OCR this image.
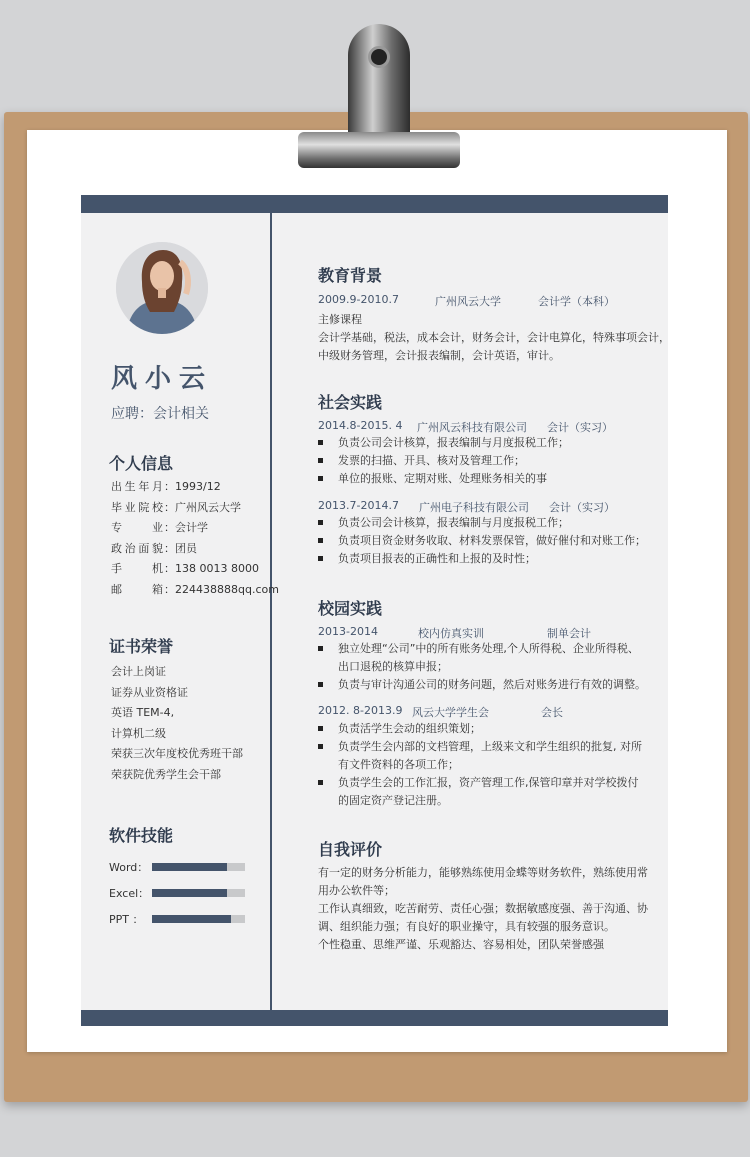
风小云
应聘：会计相关
个人信息
出生年月 ： 1993/12
毕业院校 ： 广州风云大学
专业 ： 会计学
政治面貌 ： 团员
手机 ： 138 0013 8000
邮箱 ： 224438888qq.com
证书荣誉
会计上岗证
证券从业资格证
英语 TEM-4,
计算机二级
荣获三次年度校优秀班干部
荣获院优秀学生会干部
软件技能
Word：
Excel：
PPT ：
教育背景
2009.9-2010.7	广州风云大学	会计学（本科）
主修课程
会计学基础，税法，成本会计，财务会计，会计电算化，特殊事项会计，
中级财务管理，会计报表编制，会计英语，审计。
社会实践
2014.8-2015. 4 广州风云科技有限公司 会计（实习）
负责公司会计核算，报表编制与月度报税工作；
发票的扫描、开具、核对及管理工作；
单位的报账、定期对账、处理账务相关的事
2013.7-2014.7 广州电子科技有限公司 会计（实习）
负责公司会计核算，报表编制与月度报税工作；
负责项目资金财务收取、材料发票保管，做好催付和对账工作；
负责项目报表的正确性和上报的及时性；
校园实践
2013-2014	校内仿真实训	制单会计
独立处理“公司”中的所有账务处理,个人所得税、企业所得税、出口退税的核算申报；
负责与审计沟通公司的财务问题，然后对账务进行有效的调整。
2012. 8-2013.9 风云大学学生会	会长
负责活学生会动的组织策划；
负责学生会内部的文档管理，上级来文和学生组织的批复, 对所有文件资料的各项工作；
负责学生会的工作汇报，资产管理工作,保管印章并对学校拨付的固定资产登记注册。
自我评价
有一定的财务分析能力，能够熟练使用金蝶等财务软件，熟练使用常用办公软件等；
工作认真细致，吃苦耐劳、责任心强；数据敏感度强、善于沟通、协调、组织能力强；有良好的职业操守，具有较强的服务意识。
个性稳重、思维严谨、乐观豁达、容易相处，团队荣誉感强
